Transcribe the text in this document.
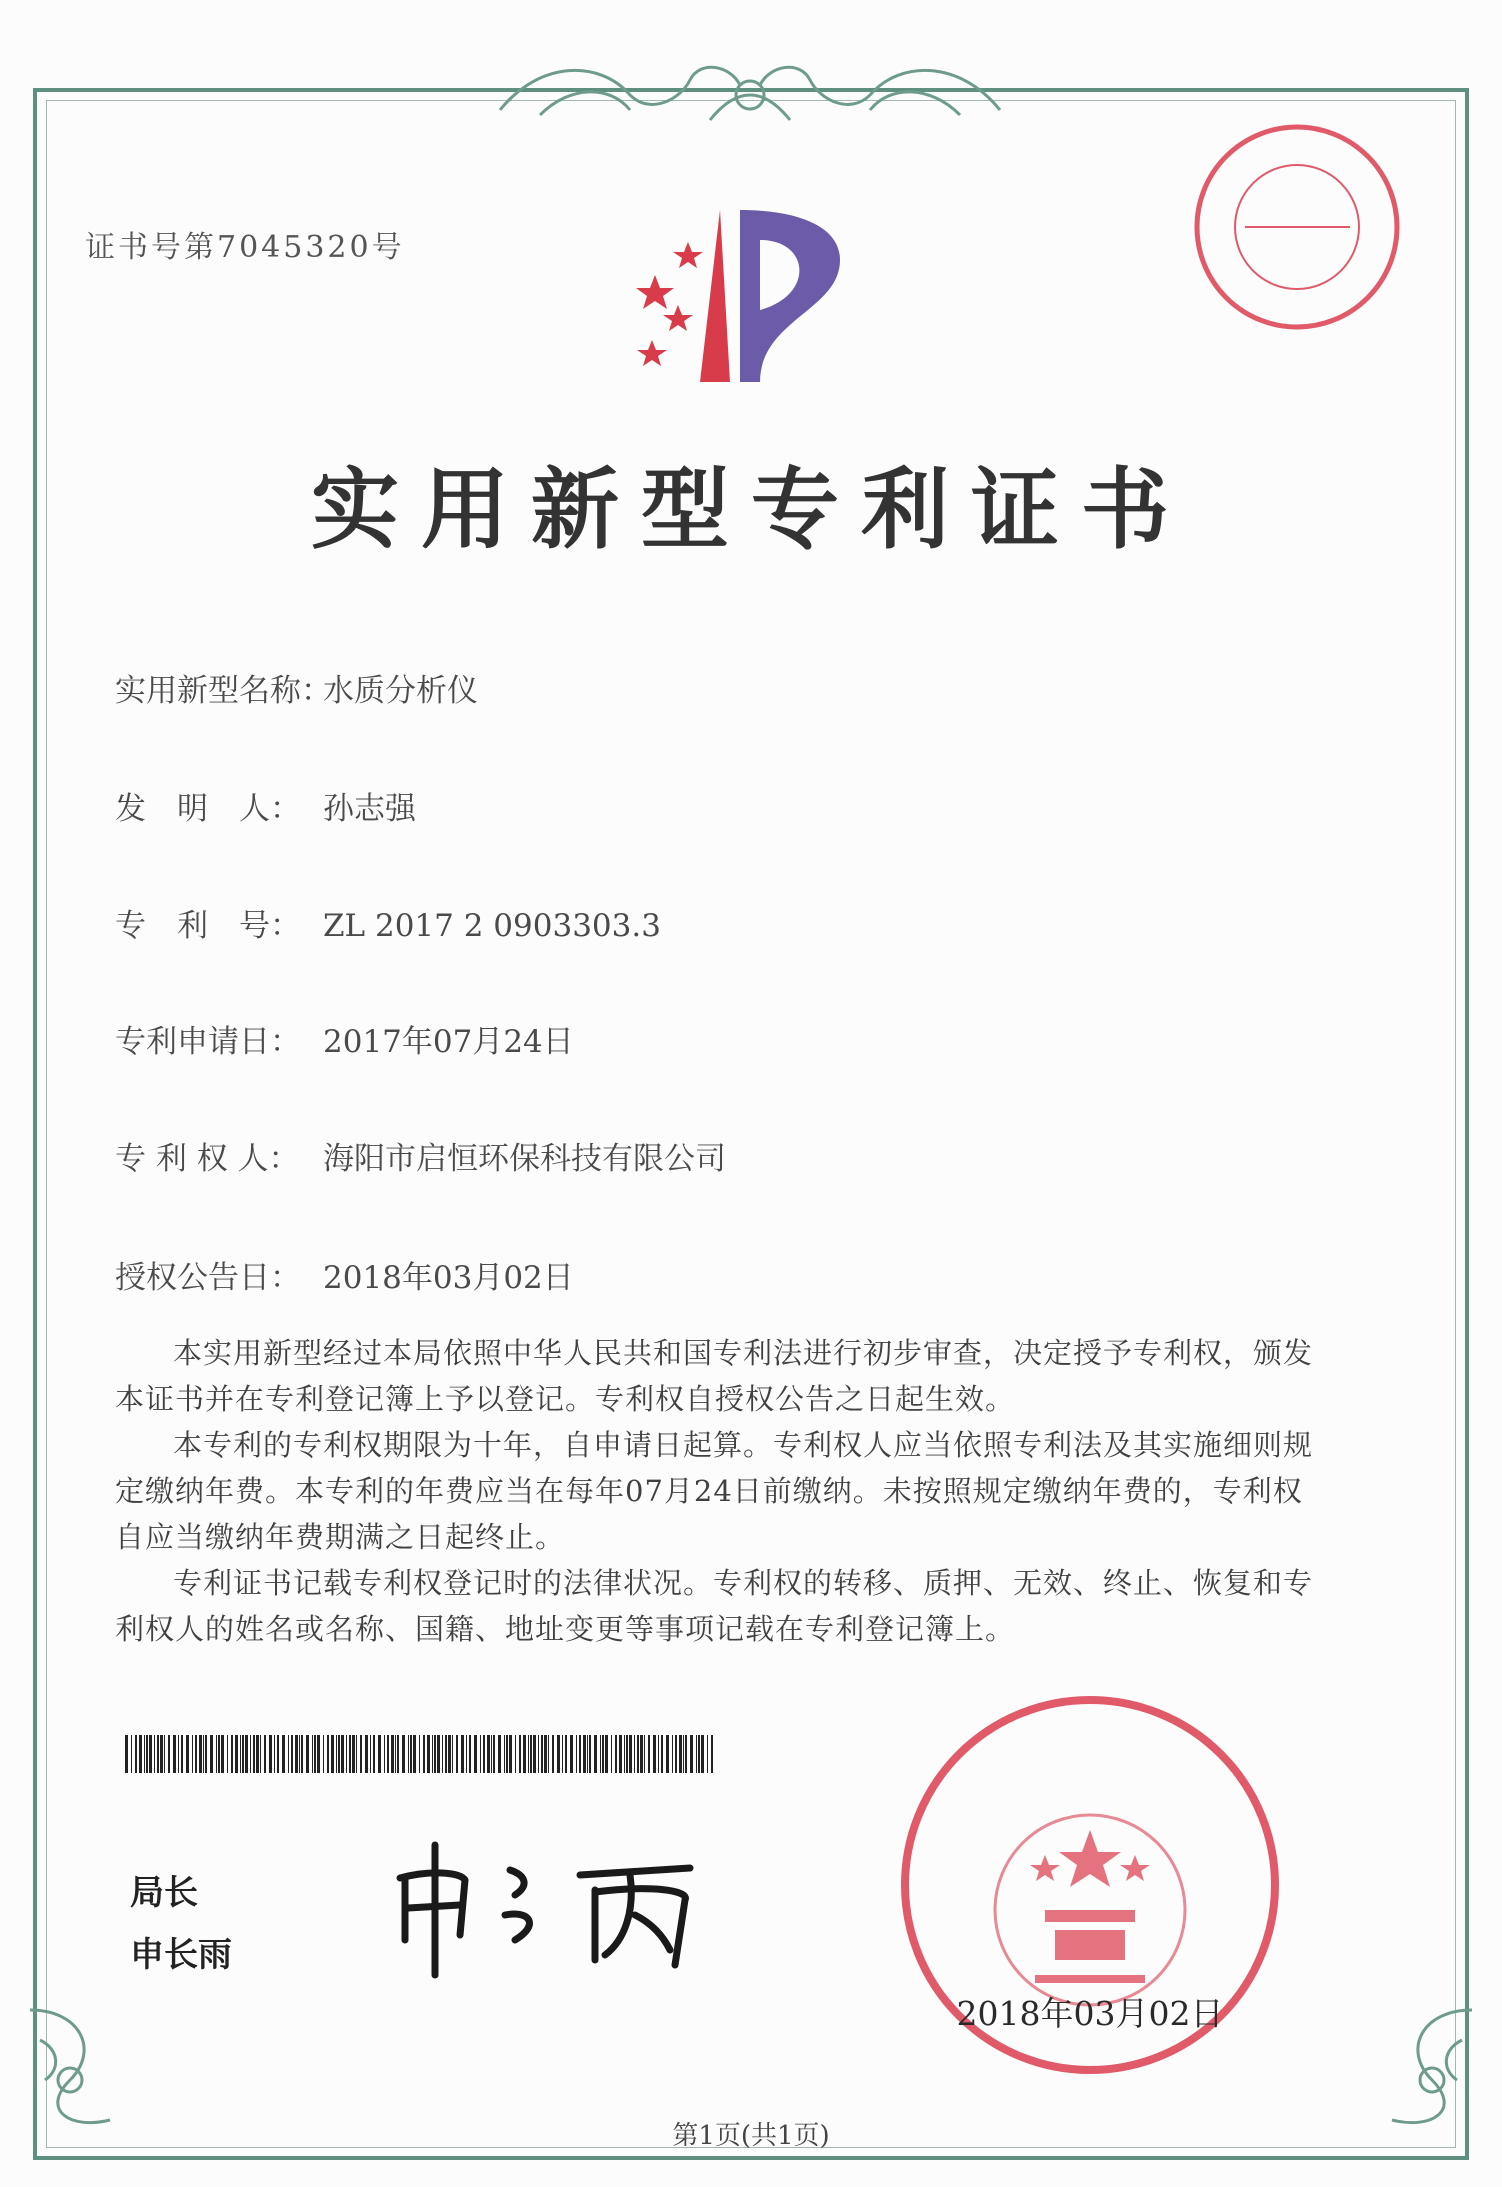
证书号第7045320号
实用新型专利证书
实用新型名称：水质分析仪
发　明　人： 孙志强
专　利　号： ZL 2017 2 0903303.3
专利申请日： 2017年07月24日
专 利 权 人： 海阳市启恒环保科技有限公司
授权公告日： 2018年03月02日

本实用新型经过本局依照中华人民共和国专利法进行初步审查，决定授予专利权，颁发本证书并在专利登记簿上予以登记。专利权自授权公告之日起生效。

本专利的专利权期限为十年，自申请日起算。专利权人应当依照专利法及其实施细则规定缴纳年费。本专利的年费应当在每年07月24日前缴纳。未按照规定缴纳年费的，专利权自应当缴纳年费期满之日起终止。

专利证书记载专利权登记时的法律状况。专利权的转移、质押、无效、终止、恢复和专利权人的姓名或名称、国籍、地址变更等事项记载在专利登记簿上。

局长
申长雨
2018年03月02日
第1页(共1页)
